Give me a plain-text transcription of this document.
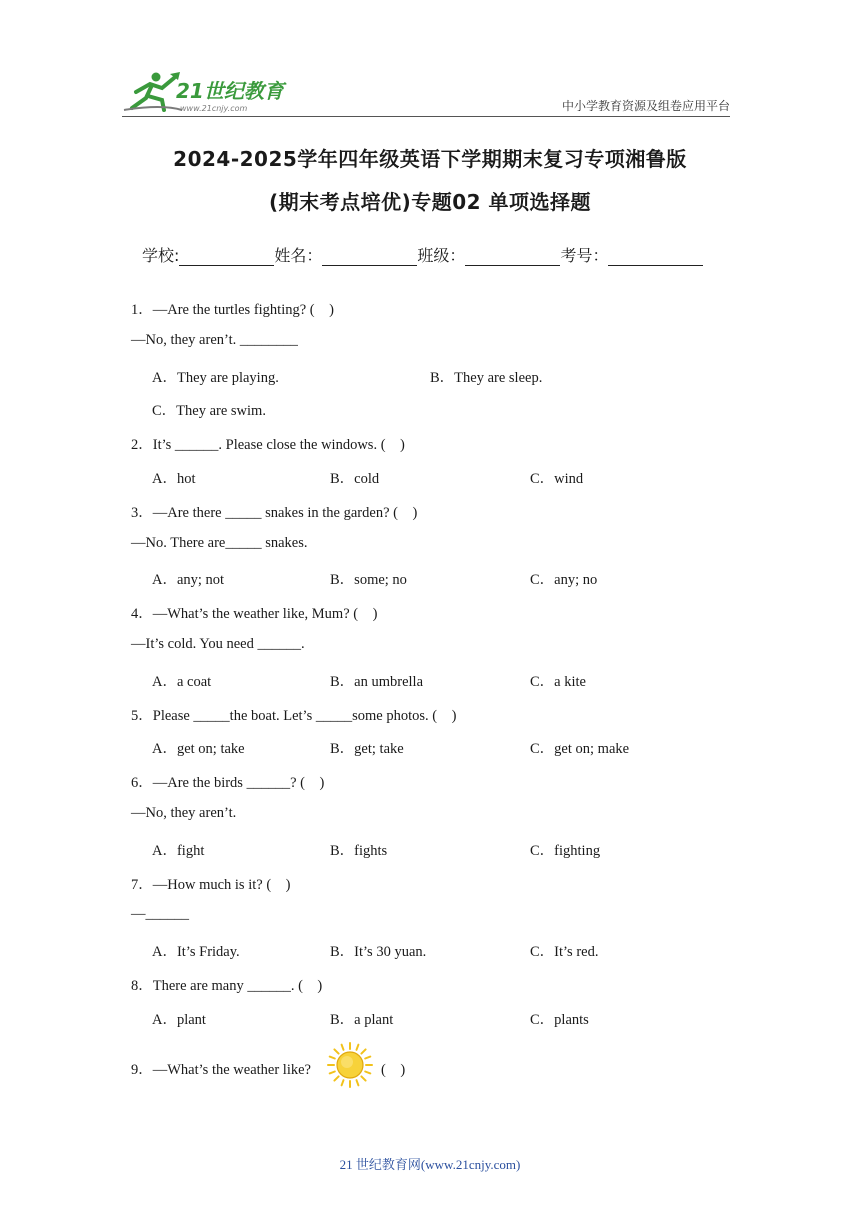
21世纪教育
www.21cnjy.com	中小学教育资源及组卷应用平台
2024-2025学年四年级英语下学期期末复习专项湘鲁版
(期末考点培优)专题02 单项选择题
学校:	姓名：	班级：	考号：
1．—Are the turtles fighting? (　)
—No, they aren’t. ________
A．They are playing.	B．They are sleep.
C．They are swim.
2．It’s ______. Please close the windows. (　)
A．hot	B．cold	C．wind
3．—Are there _____ snakes in the garden? (　)
—No. There are_____ snakes.
A．any; not	B．some; no	C．any; no
4．—What’s the weather like, Mum? (　)
—It’s cold. You need ______.
A．a coat	B．an umbrella	C．a kite
5．Please _____the boat. Let’s _____some photos. (　)
A．get on; take	B．get; take	C．get on; make
6．—Are the birds ______? (　)
—No, they aren’t.
A．fight	B．fights	C．fighting
7．—How much is it? (　)
—______
A．It’s Friday.	B．It’s 30 yuan.	C．It’s red.
8．There are many ______. (　)
A．plant	B．a plant	C．plants
9．—What’s the weather like?	(　)
21 世纪教育网(www.21cnjy.com)
